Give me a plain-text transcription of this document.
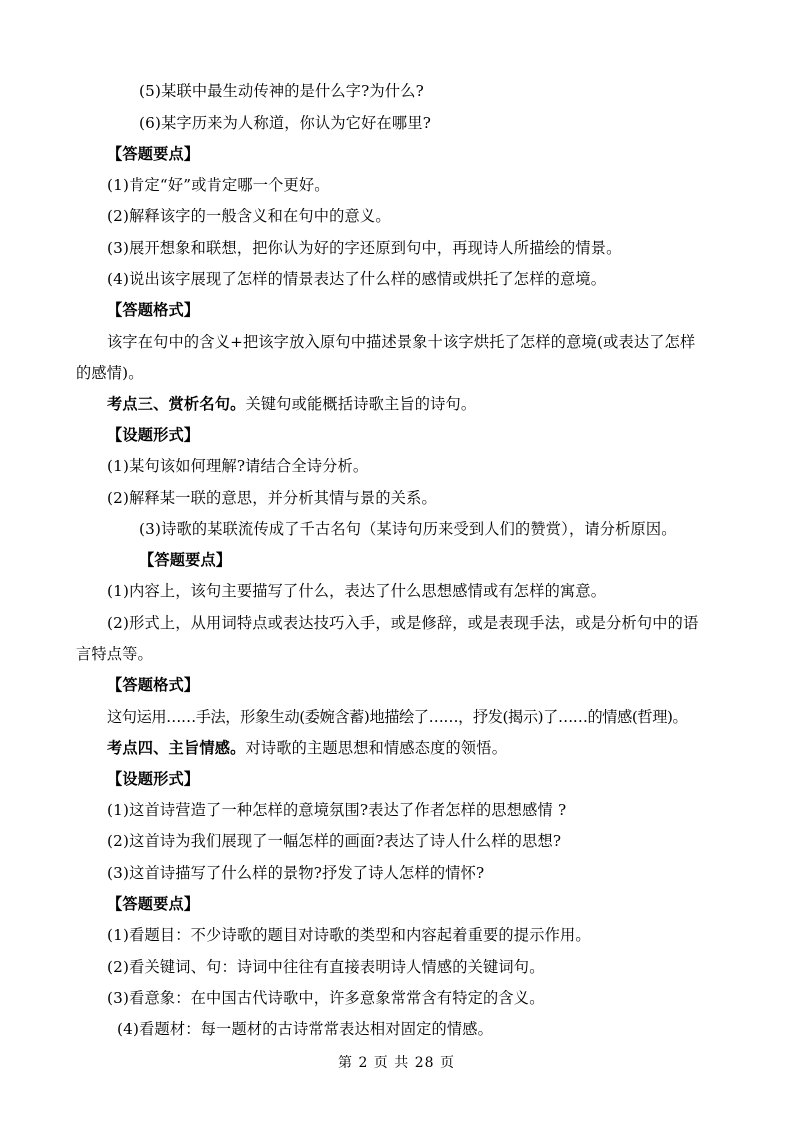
(5)某联中最生动传神的是什么字?为什么?
(6)某字历来为人称道，你认为它好在哪里?
【答题要点】
(1)肯定“好”或肯定哪一个更好。
(2)解释该字的一般含义和在句中的意义。
(3)展开想象和联想，把你认为好的字还原到句中，再现诗人所描绘的情景。
(4)说出该字展现了怎样的情景表达了什么样的感情或烘托了怎样的意境。
【答题格式】
该字在句中的含义+把该字放入原句中描述景象十该字烘托了怎样的意境(或表达了怎样
的感情)。
考点三、赏析名句。关键句或能概括诗歌主旨的诗句。
【设题形式】
(1)某句该如何理解?请结合全诗分析。
(2)解释某一联的意思，并分析其情与景的关系。
(3)诗歌的某联流传成了千古名句（某诗句历来受到人们的赞赏），请分析原因。
【答题要点】
(1)内容上，该句主要描写了什么，表达了什么思想感情或有怎样的寓意。
(2)形式上，从用词特点或表达技巧入手，或是修辞，或是表现手法，或是分析句中的语
言特点等。
【答题格式】
这句运用……手法，形象生动(委婉含蓄)地描绘了……，抒发(揭示)了……的情感(哲理)。
考点四、主旨情感。对诗歌的主题思想和情感态度的领悟。
【设题形式】
(1)这首诗营造了一种怎样的意境氛围?表达了作者怎样的思想感情 ?
(2)这首诗为我们展现了一幅怎样的画面?表达了诗人什么样的思想?
(3)这首诗描写了什么样的景物?抒发了诗人怎样的情怀?
【答题要点】
(1)看题目：不少诗歌的题目对诗歌的类型和内容起着重要的提示作用。
(2)看关键词、句：诗词中往往有直接表明诗人情感的关键词句。
(3)看意象：在中国古代诗歌中，许多意象常常含有特定的含义。
(4)看题材：每一题材的古诗常常表达相对固定的情感。
第 2 页 共 28 页
